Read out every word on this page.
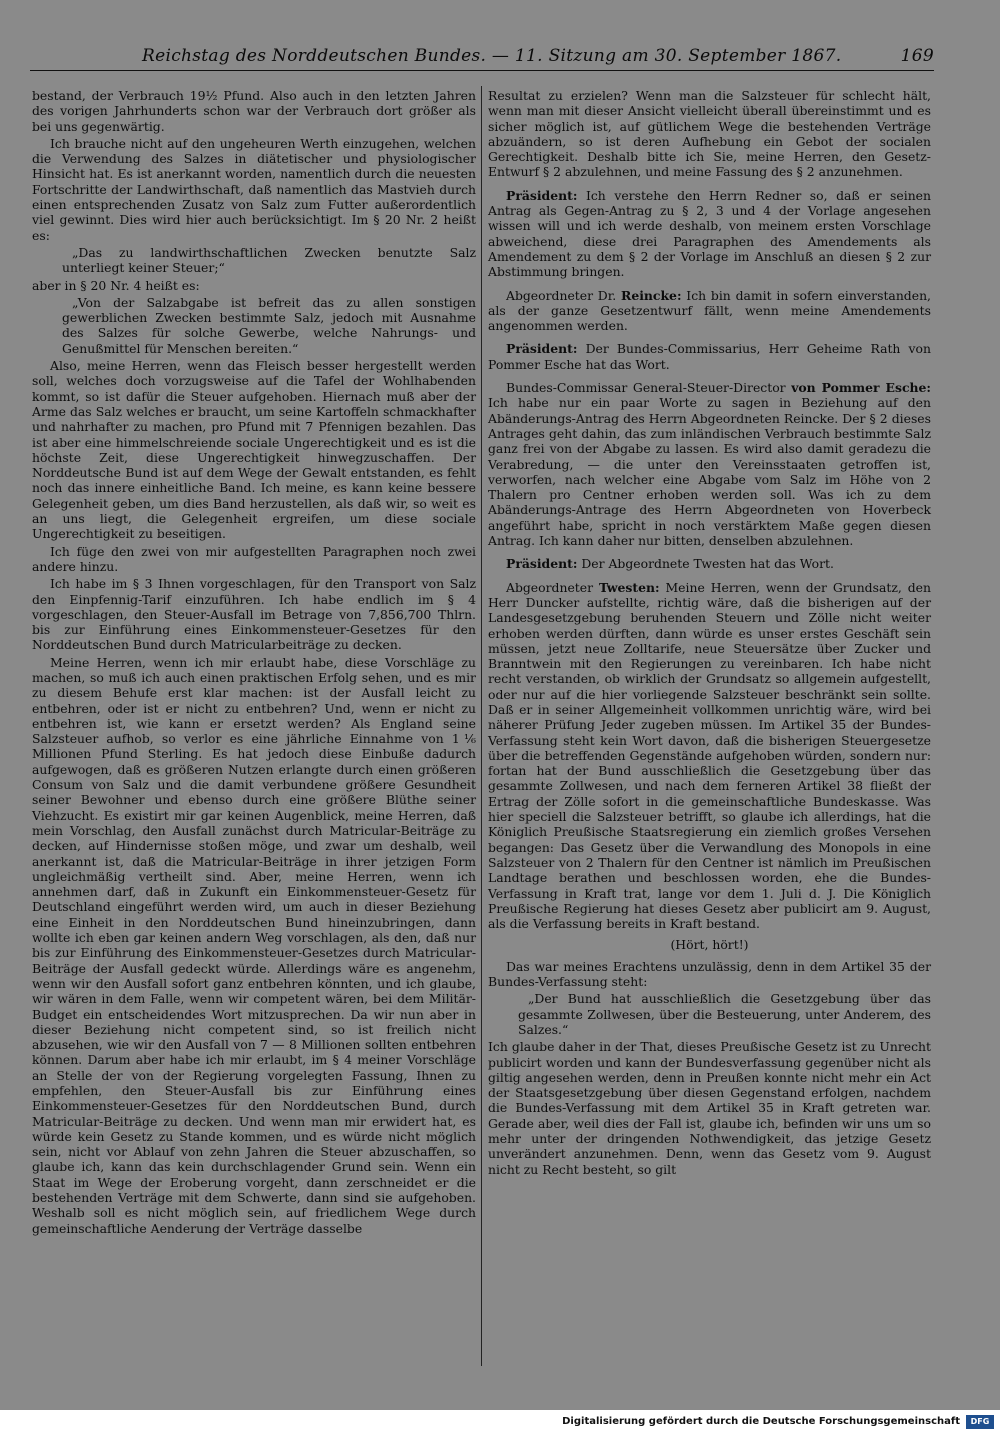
Reichstag des Norddeutschen Bundes. — 11. Sitzung am 30. September 1867.	169

bestand, der Verbrauch 19½ Pfund. Also auch in den letzten Jahren des vorigen Jahrhunderts schon war der Verbrauch dort größer als bei uns gegenwärtig.

Ich brauche nicht auf den ungeheuren Werth einzugehen, welchen die Verwendung des Salzes in diätetischer und physiologischer Hinsicht hat. Es ist anerkannt worden, namentlich durch die neuesten Fortschritte der Landwirthschaft, daß namentlich das Mastvieh durch einen entsprechenden Zusatz von Salz zum Futter außerordentlich viel gewinnt. Dies wird hier auch berücksichtigt. Im § 20 Nr. 2 heißt es:

„Das zu landwirthschaftlichen Zwecken benutzte Salz unterliegt keiner Steuer;“

aber in § 20 Nr. 4 heißt es:

„Von der Salzabgabe ist befreit das zu allen sonstigen gewerblichen Zwecken bestimmte Salz, jedoch mit Ausnahme des Salzes für solche Gewerbe, welche Nahrungs- und Genußmittel für Menschen bereiten.“

Also, meine Herren, wenn das Fleisch besser hergestellt werden soll, welches doch vorzugsweise auf die Tafel der Wohlhabenden kommt, so ist dafür die Steuer aufgehoben. Hiernach muß aber der Arme das Salz welches er braucht, um seine Kartoffeln schmackhafter und nahrhafter zu machen, pro Pfund mit 7 Pfennigen bezahlen. Das ist aber eine himmelschreiende sociale Ungerechtigkeit und es ist die höchste Zeit, diese Ungerechtigkeit hinwegzuschaffen. Der Norddeutsche Bund ist auf dem Wege der Gewalt entstanden, es fehlt noch das innere einheitliche Band. Ich meine, es kann keine bessere Gelegenheit geben, um dies Band herzustellen, als daß wir, so weit es an uns liegt, die Gelegenheit ergreifen, um diese sociale Ungerechtigkeit zu beseitigen.

Ich füge den zwei von mir aufgestellten Paragraphen noch zwei andere hinzu.

Ich habe im § 3 Ihnen vorgeschlagen, für den Transport von Salz den Einpfennig-Tarif einzuführen. Ich habe endlich im § 4 vorgeschlagen, den Steuer-Ausfall im Betrage von 7,856,700 Thlrn. bis zur Einführung eines Einkommensteuer-Gesetzes für den Norddeutschen Bund durch Matricularbeiträge zu decken.

Meine Herren, wenn ich mir erlaubt habe, diese Vorschläge zu machen, so muß ich auch einen praktischen Erfolg sehen, und es mir zu diesem Behufe erst klar machen: ist der Ausfall leicht zu entbehren, oder ist er nicht zu entbehren? Und, wenn er nicht zu entbehren ist, wie kann er ersetzt werden? Als England seine Salzsteuer aufhob, so verlor es eine jährliche Einnahme von 1⅙ Millionen Pfund Sterling. Es hat jedoch diese Einbuße dadurch aufgewogen, daß es größeren Nutzen erlangte durch einen größeren Consum von Salz und die damit verbundene größere Gesundheit seiner Bewohner und ebenso durch eine größere Blüthe seiner Viehzucht. Es existirt mir gar keinen Augenblick, meine Herren, daß mein Vorschlag, den Ausfall zunächst durch Matricular-Beiträge zu decken, auf Hindernisse stoßen möge, und zwar um deshalb, weil anerkannt ist, daß die Matricular-Beiträge in ihrer jetzigen Form ungleichmäßig vertheilt sind. Aber, meine Herren, wenn ich annehmen darf, daß in Zukunft ein Einkommensteuer-Gesetz für Deutschland eingeführt werden wird, um auch in dieser Beziehung eine Einheit in den Norddeutschen Bund hineinzubringen, dann wollte ich eben gar keinen andern Weg vorschlagen, als den, daß nur bis zur Einführung des Einkommensteuer-Gesetzes durch Matricular-Beiträge der Ausfall gedeckt würde. Allerdings wäre es angenehm, wenn wir den Ausfall sofort ganz entbehren könnten, und ich glaube, wir wären in dem Falle, wenn wir competent wären, bei dem Militär-Budget ein entscheidendes Wort mitzusprechen. Da wir nun aber in dieser Beziehung nicht competent sind, so ist freilich nicht abzusehen, wie wir den Ausfall von 7 — 8 Millionen sollten entbehren können. Darum aber habe ich mir erlaubt, im § 4 meiner Vorschläge an Stelle der von der Regierung vorgelegten Fassung, Ihnen zu empfehlen, den Steuer-Ausfall bis zur Einführung eines Einkommensteuer-Gesetzes für den Norddeutschen Bund, durch Matricular-Beiträge zu decken. Und wenn man mir erwidert hat, es würde kein Gesetz zu Stande kommen, und es würde nicht möglich sein, nicht vor Ablauf von zehn Jahren die Steuer abzuschaffen, so glaube ich, kann das kein durchschlagender Grund sein. Wenn ein Staat im Wege der Eroberung vorgeht, dann zerschneidet er die bestehenden Verträge mit dem Schwerte, dann sind sie aufgehoben. Weshalb soll es nicht möglich sein, auf friedlichem Wege durch gemeinschaftliche Aenderung der Verträge dasselbe

Resultat zu erzielen? Wenn man die Salzsteuer für schlecht hält, wenn man mit dieser Ansicht vielleicht überall übereinstimmt und es sicher möglich ist, auf gütlichem Wege die bestehenden Verträge abzuändern, so ist deren Aufhebung ein Gebot der socialen Gerechtigkeit. Deshalb bitte ich Sie, meine Herren, den Gesetz-Entwurf § 2 abzulehnen, und meine Fassung des § 2 anzunehmen.

Präsident: Ich verstehe den Herrn Redner so, daß er seinen Antrag als Gegen-Antrag zu § 2, 3 und 4 der Vorlage angesehen wissen will und ich werde deshalb, von meinem ersten Vorschlage abweichend, diese drei Paragraphen des Amendements als Amendement zu dem § 2 der Vorlage im Anschluß an diesen § 2 zur Abstimmung bringen.

Abgeordneter Dr. Reincke: Ich bin damit in sofern einverstanden, als der ganze Gesetzentwurf fällt, wenn meine Amendements angenommen werden.

Präsident: Der Bundes-Commissarius, Herr Geheime Rath von Pommer Esche hat das Wort.

Bundes-Commissar General-Steuer-Director von Pommer Esche: Ich habe nur ein paar Worte zu sagen in Beziehung auf den Abänderungs-Antrag des Herrn Abgeordneten Reincke. Der § 2 dieses Antrages geht dahin, das zum inländischen Verbrauch bestimmte Salz ganz frei von der Abgabe zu lassen. Es wird also damit geradezu die Verabredung, — die unter den Vereinsstaaten getroffen ist, verworfen, nach welcher eine Abgabe vom Salz im Höhe von 2 Thalern pro Centner erhoben werden soll. Was ich zu dem Abänderungs-Antrage des Herrn Abgeordneten von Hoverbeck angeführt habe, spricht in noch verstärktem Maße gegen diesen Antrag. Ich kann daher nur bitten, denselben abzulehnen.

Präsident: Der Abgeordnete Twesten hat das Wort.

Abgeordneter Twesten: Meine Herren, wenn der Grundsatz, den Herr Duncker aufstellte, richtig wäre, daß die bisherigen auf der Landesgesetzgebung beruhenden Steuern und Zölle nicht weiter erhoben werden dürften, dann würde es unser erstes Geschäft sein müssen, jetzt neue Zolltarife, neue Steuersätze über Zucker und Branntwein mit den Regierungen zu vereinbaren. Ich habe nicht recht verstanden, ob wirklich der Grundsatz so allgemein aufgestellt, oder nur auf die hier vorliegende Salzsteuer beschränkt sein sollte. Daß er in seiner Allgemeinheit vollkommen unrichtig wäre, wird bei näherer Prüfung Jeder zugeben müssen. Im Artikel 35 der Bundes-Verfassung steht kein Wort davon, daß die bisherigen Steuergesetze über die betreffenden Gegenstände aufgehoben würden, sondern nur: fortan hat der Bund ausschließlich die Gesetzgebung über das gesammte Zollwesen, und nach dem ferneren Artikel 38 fließt der Ertrag der Zölle sofort in die gemeinschaftliche Bundeskasse. Was hier speciell die Salzsteuer betrifft, so glaube ich allerdings, hat die Königlich Preußische Staatsregierung ein ziemlich großes Versehen begangen: Das Gesetz über die Verwandlung des Monopols in eine Salzsteuer von 2 Thalern für den Centner ist nämlich im Preußischen Landtage berathen und beschlossen worden, ehe die Bundes-Verfassung in Kraft trat, lange vor dem 1. Juli d. J. Die Königlich Preußische Regierung hat dieses Gesetz aber publicirt am 9. August, als die Verfassung bereits in Kraft bestand.

(Hört, hört!)

Das war meines Erachtens unzulässig, denn in dem Artikel 35 der Bundes-Verfassung steht:

„Der Bund hat ausschließlich die Gesetzgebung über das gesammte Zollwesen, über die Besteuerung, unter Anderem, des Salzes.“

Ich glaube daher in der That, dieses Preußische Gesetz ist zu Unrecht publicirt worden und kann der Bundesverfassung gegenüber nicht als giltig angesehen werden, denn in Preußen konnte nicht mehr ein Act der Staatsgesetzgebung über diesen Gegenstand erfolgen, nachdem die Bundes-Verfassung mit dem Artikel 35 in Kraft getreten war. Gerade aber, weil dies der Fall ist, glaube ich, befinden wir uns um so mehr unter der dringenden Nothwendigkeit, das jetzige Gesetz unverändert anzunehmen. Denn, wenn das Gesetz vom 9. August nicht zu Recht besteht, so gilt

Digitalisierung gefördert durch die Deutsche Forschungsgemeinschaft	DFG
